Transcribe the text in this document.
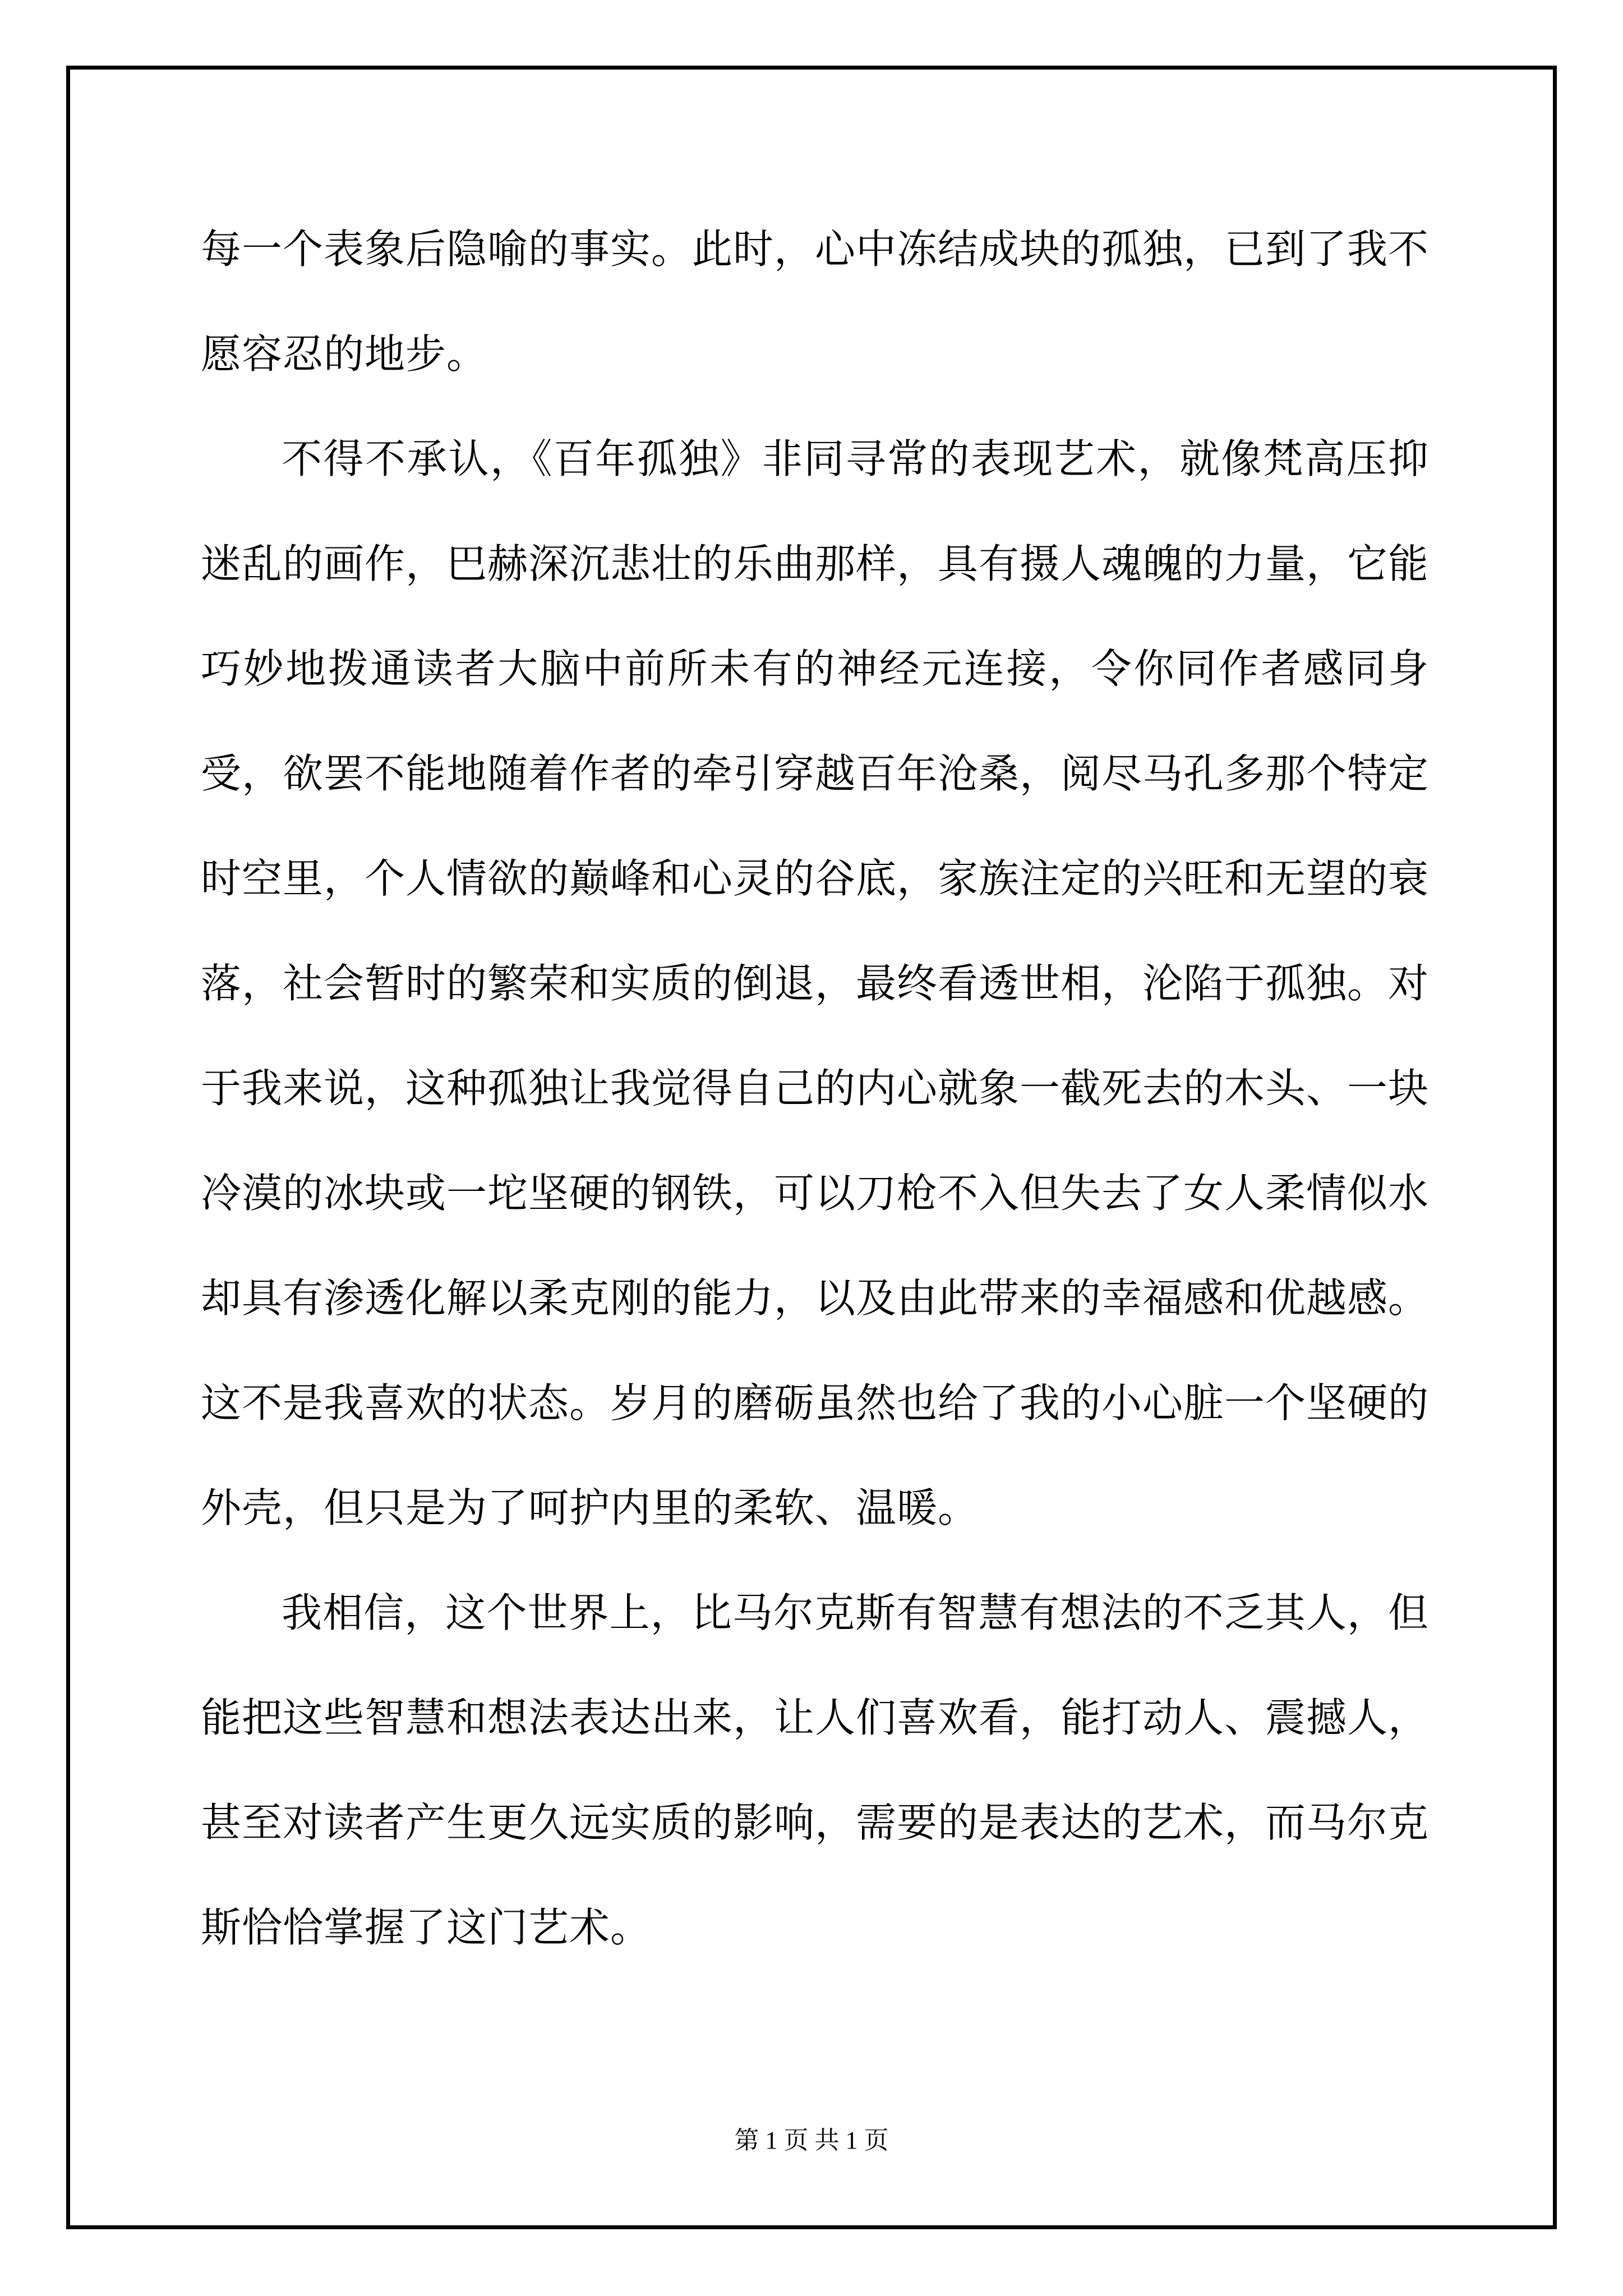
每一个表象后隐喻的事实。此时，心中冻结成块的孤独，已到了我不愿容忍的地步。

不得不承认，《百年孤独》非同寻常的表现艺术，就像梵高压抑迷乱的画作，巴赫深沉悲壮的乐曲那样，具有摄人魂魄的力量，它能巧妙地拨通读者大脑中前所未有的神经元连接，令你同作者感同身受，欲罢不能地随着作者的牵引穿越百年沧桑，阅尽马孔多那个特定时空里，个人情欲的巅峰和心灵的谷底，家族注定的兴旺和无望的衰落，社会暂时的繁荣和实质的倒退，最终看透世相，沦陷于孤独。对于我来说，这种孤独让我觉得自己的内心就象一截死去的木头、一块冷漠的冰块或一坨坚硬的钢铁，可以刀枪不入但失去了女人柔情似水却具有渗透化解以柔克刚的能力，以及由此带来的幸福感和优越感。这不是我喜欢的状态。岁月的磨砺虽然也给了我的小心脏一个坚硬的外壳，但只是为了呵护内里的柔软、温暖。

我相信，这个世界上，比马尔克斯有智慧有想法的不乏其人，但能把这些智慧和想法表达出来，让人们喜欢看，能打动人、震撼人，甚至对读者产生更久远实质的影响，需要的是表达的艺术，而马尔克斯恰恰掌握了这门艺术。

第 1 页 共 1 页
